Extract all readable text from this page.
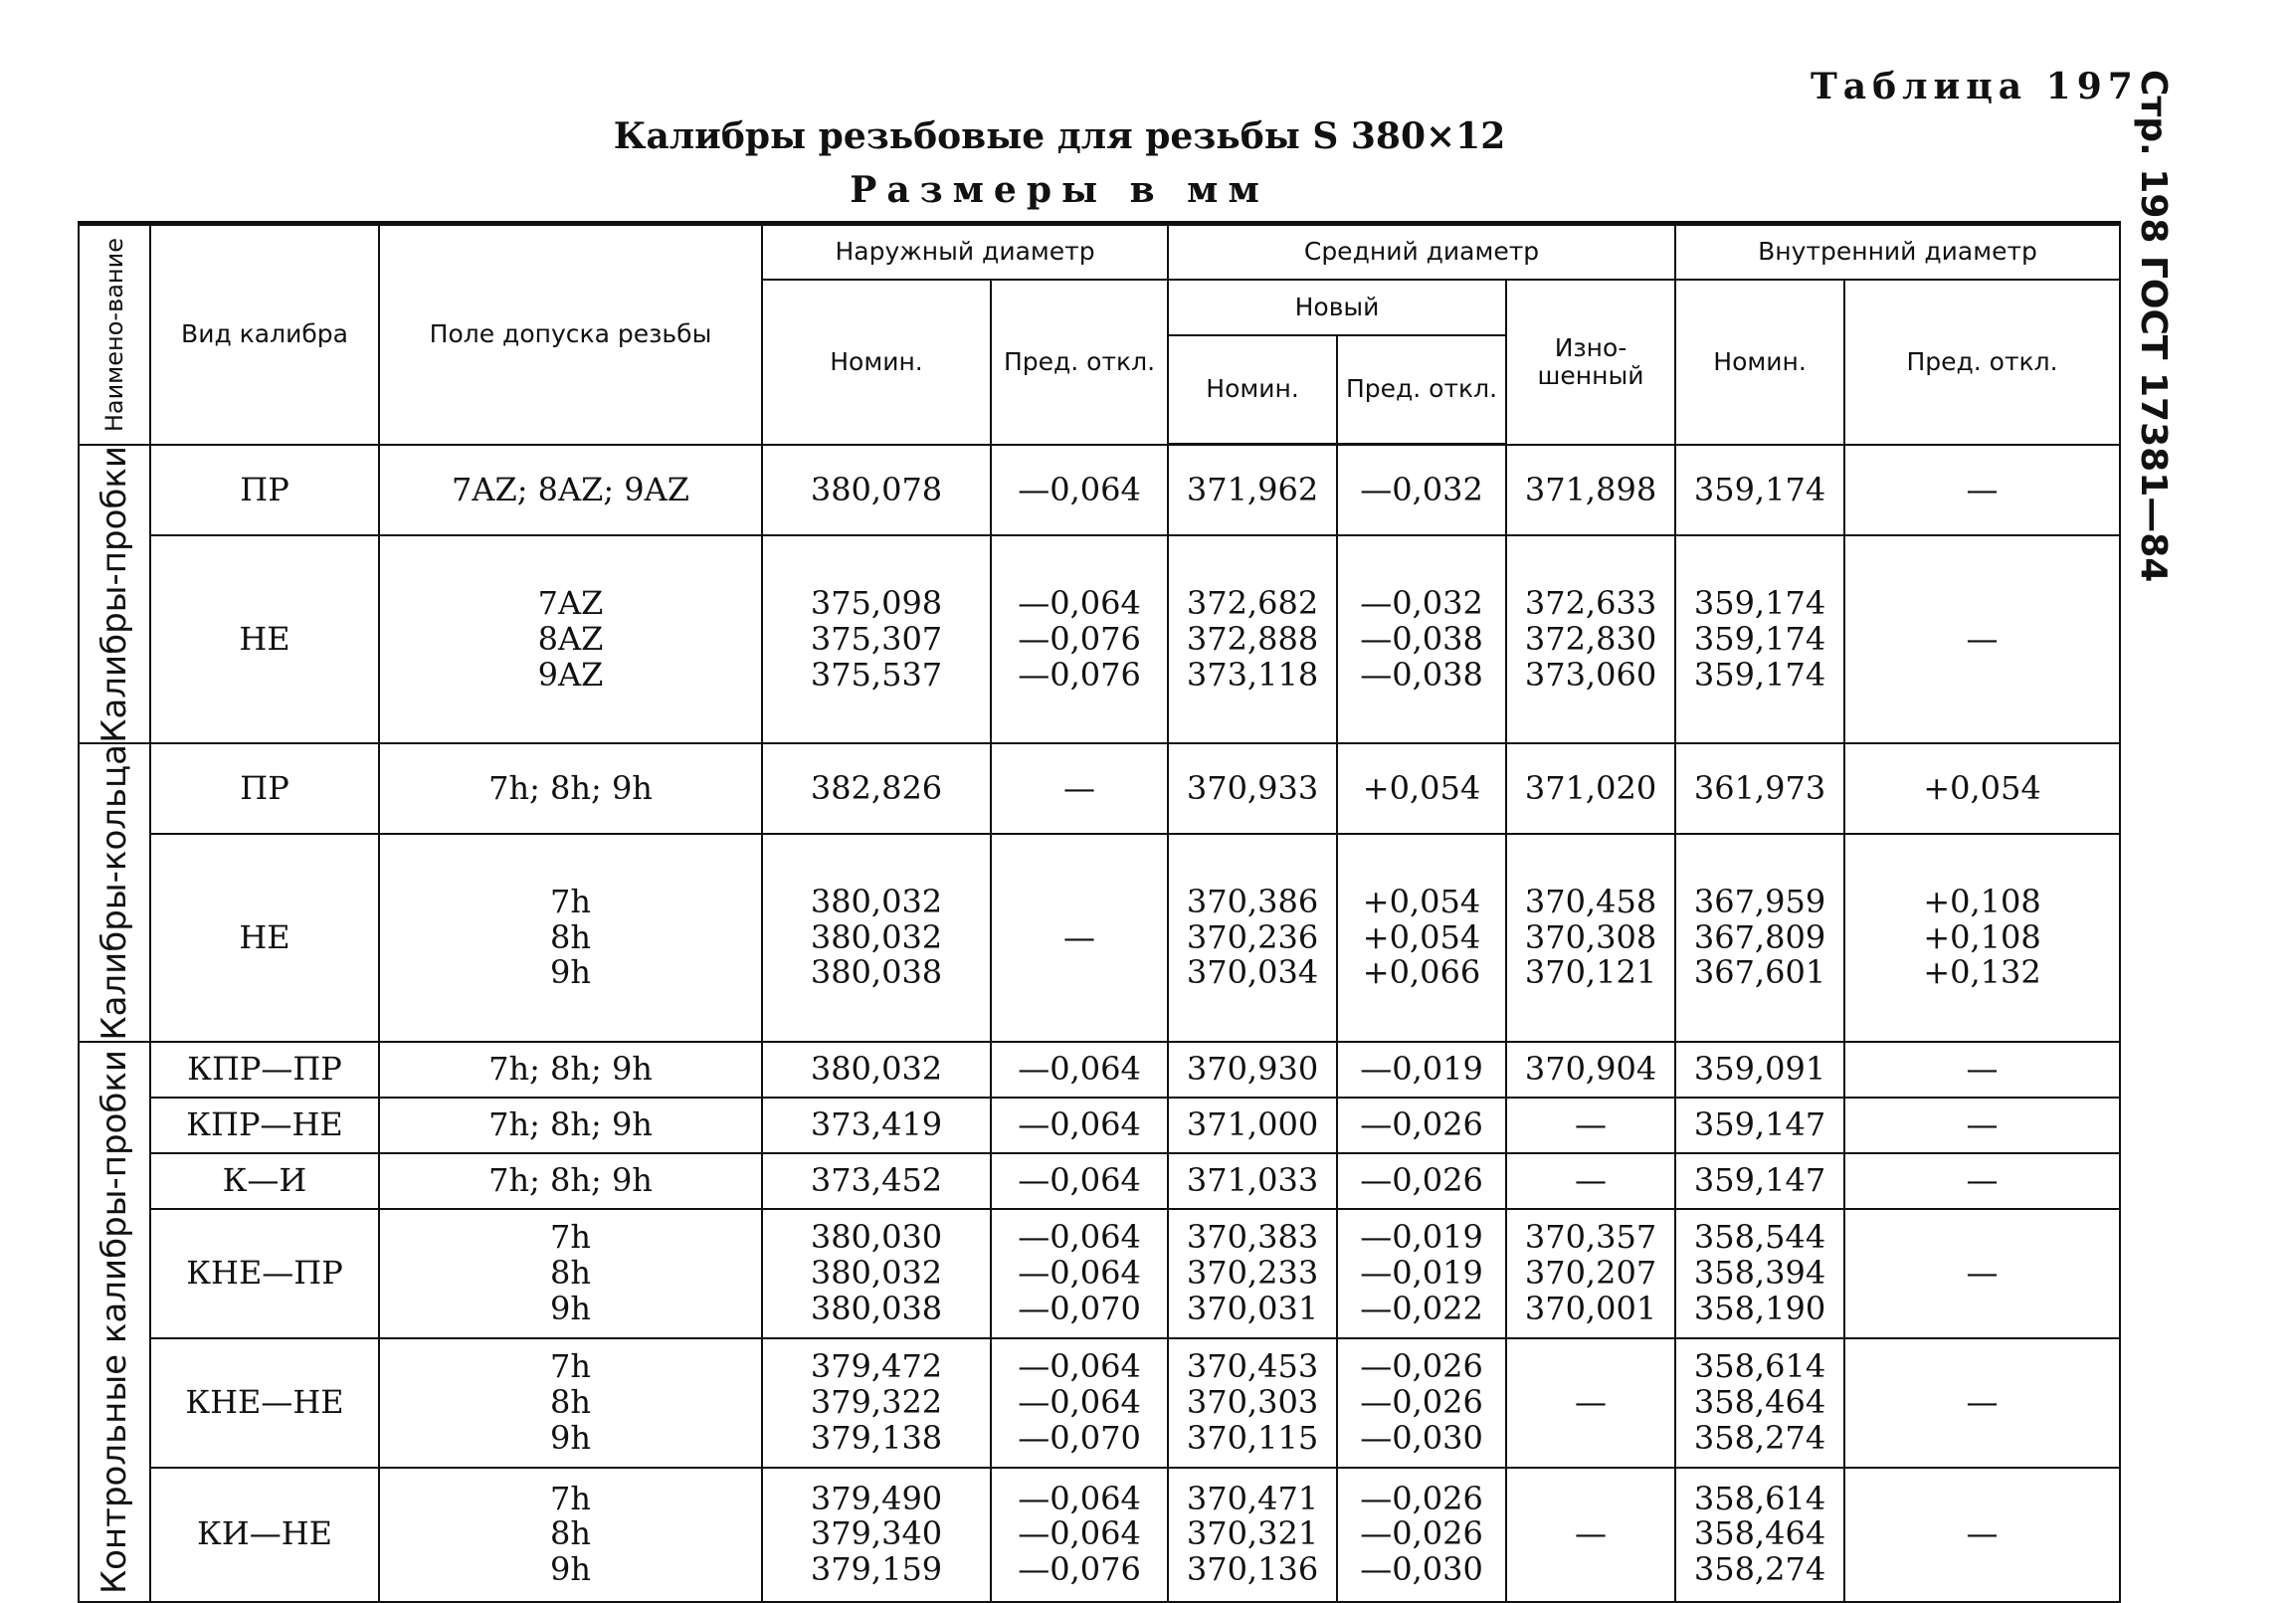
Таблица 197
Калибры резьбовые для резьбы S 380×12
Размеры в мм	Стр. 198 ГОСТ 17381—84
Наимено-вание	Вид калибра	Поле допуска резьбы	Наружный диаметр		Средний диаметр			Внутренний диаметр	
			Номин.	Пред. откл.	Новый		Изно-шенный	Номин.	Пред. откл.
					Номин.	Пред. откл.			

Калибры-пробки	ПР	7AZ; 8AZ; 9AZ	380,078	—0,064	371,962	—0,032	371,898	359,174	—

	НЕ	7AZ
8AZ
9AZ	375,098
375,307
375,537	—0,064
—0,076
—0,076	372,682
372,888
373,118	—0,032
—0,038
—0,038	372,633
372,830
373,060	359,174
359,174
359,174	—

Калибры-кольца	ПР	7h; 8h; 9h	382,826	—	370,933	+0,054	371,020	361,973	+0,054

	НЕ	7h
8h
9h	380,032
380,032
380,038	—	370,386
370,236
370,034	+0,054
+0,054
+0,066	370,458
370,308
370,121	367,959
367,809
367,601	+0,108
+0,108
+0,132

Контрольные калибры-пробки	КПР—ПР	7h; 8h; 9h	380,032	—0,064	370,930	—0,019	370,904	359,091	—

	КПР—НЕ	7h; 8h; 9h	373,419	—0,064	371,000	—0,026	—	359,147	—

	К—И	7h; 8h; 9h	373,452	—0,064	371,033	—0,026	—	359,147	—

	КНЕ—ПР	7h
8h
9h	380,030
380,032
380,038	—0,064
—0,064
—0,070	370,383
370,233
370,031	—0,019
—0,019
—0,022	370,357
370,207
370,001	358,544
358,394
358,190	—

	КНЕ—НЕ	7h
8h
9h	379,472
379,322
379,138	—0,064
—0,064
—0,070	370,453
370,303
370,115	—0,026
—0,026
—0,030	—	358,614
358,464
358,274	—

	КИ—НЕ	7h
8h
9h	379,490
379,340
379,159	—0,064
—0,064
—0,076	370,471
370,321
370,136	—0,026
—0,026
—0,030	—	358,614
358,464
358,274	—
